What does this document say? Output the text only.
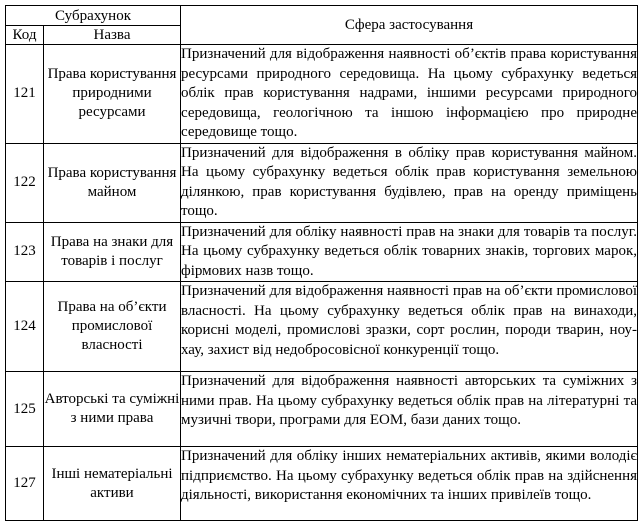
Субрахунок		Сфера застосування
Код	Назва	
121	Права користування природними ресурсами	Призначений для відображення наявності об’єктів права користування ресурсами природного середовища. На цьому субрахунку ведеться облік прав користування надрами, іншими ресурсами природного середовища, геологічною та іншою інформацією про природне середовище тощо.
122	Права користування майном	Призначений для відображення в обліку прав користування майном. На цьому субрахунку ведеться облік прав користування земельною ділянкою, прав користування будівлею, прав на оренду приміщень тощо.
123	Права на знаки для товарів і послуг	Призначений для обліку наявності прав на знаки для товарів та послуг. На цьому субрахунку ведеться облік товарних знаків, торгових марок, фірмових назв тощо.
124	Права на об’єкти промислової власності	Призначений для відображення наявності прав на об’єкти промислової власності. На цьому субрахунку ведеться облік прав на винаходи, корисні моделі, промислові зразки, сорт рослин, породи тварин, ноу-хау, захист від недобросовісної конкуренції тощо.
125	Авторські та суміжні з ними права	Призначений для відображення наявності авторських та суміжних з ними прав. На цьому субрахунку ведеться облік прав на літературні та музичні твори, програми для ЕОМ, бази даних тощо.
127	Інші нематеріальні активи	Призначений для обліку інших нематеріальних активів, якими володіє підприємство. На цьому субрахунку ведеться облік прав на здійснення діяльності, використання економічних та інших привілеїв тощо.
